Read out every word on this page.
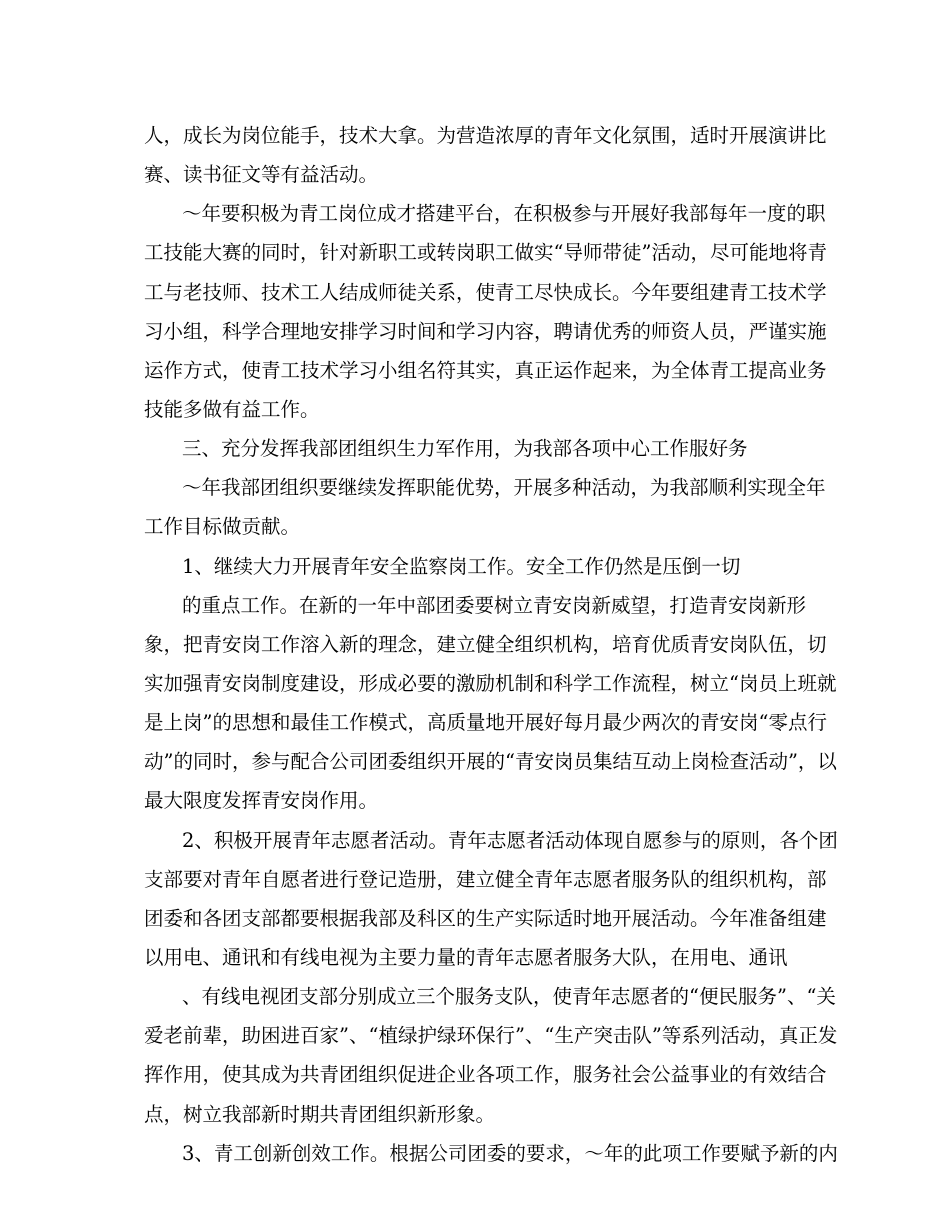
人，成长为岗位能手，技术大拿。为营造浓厚的青年文化氛围，适时开展演讲比
赛、读书征文等有益活动。
～年要积极为青工岗位成才搭建平台，在积极参与开展好我部每年一度的职
工技能大赛的同时，针对新职工或转岗职工做实“导师带徒”活动，尽可能地将青
工与老技师、技术工人结成师徒关系，使青工尽快成长。今年要组建青工技术学
习小组，科学合理地安排学习时间和学习内容，聘请优秀的师资人员，严谨实施
运作方式，使青工技术学习小组名符其实，真正运作起来，为全体青工提高业务
技能多做有益工作。
三、充分发挥我部团组织生力军作用，为我部各项中心工作服好务
～年我部团组织要继续发挥职能优势，开展多种活动，为我部顺利实现全年
工作目标做贡献。
1、继续大力开展青年安全监察岗工作。安全工作仍然是压倒一切
的重点工作。在新的一年中部团委要树立青安岗新威望，打造青安岗新形
象，把青安岗工作溶入新的理念，建立健全组织机构，培育优质青安岗队伍，切
实加强青安岗制度建设，形成必要的激励机制和科学工作流程，树立“岗员上班就
是上岗”的思想和最佳工作模式，高质量地开展好每月最少两次的青安岗“零点行
动”的同时，参与配合公司团委组织开展的“青安岗员集结互动上岗检查活动”，以
最大限度发挥青安岗作用。
2、积极开展青年志愿者活动。青年志愿者活动体现自愿参与的原则，各个团
支部要对青年自愿者进行登记造册，建立健全青年志愿者服务队的组织机构，部
团委和各团支部都要根据我部及科区的生产实际适时地开展活动。今年准备组建
以用电、通讯和有线电视为主要力量的青年志愿者服务大队，在用电、通讯
、有线电视团支部分别成立三个服务支队，使青年志愿者的“便民服务”、“关
爱老前辈，助困进百家”、“植绿护绿环保行”、“生产突击队”等系列活动，真正发
挥作用，使其成为共青团组织促进企业各项工作，服务社会公益事业的有效结合
点，树立我部新时期共青团组织新形象。
3、青工创新创效工作。根据公司团委的要求，～年的此项工作要赋予新的内
